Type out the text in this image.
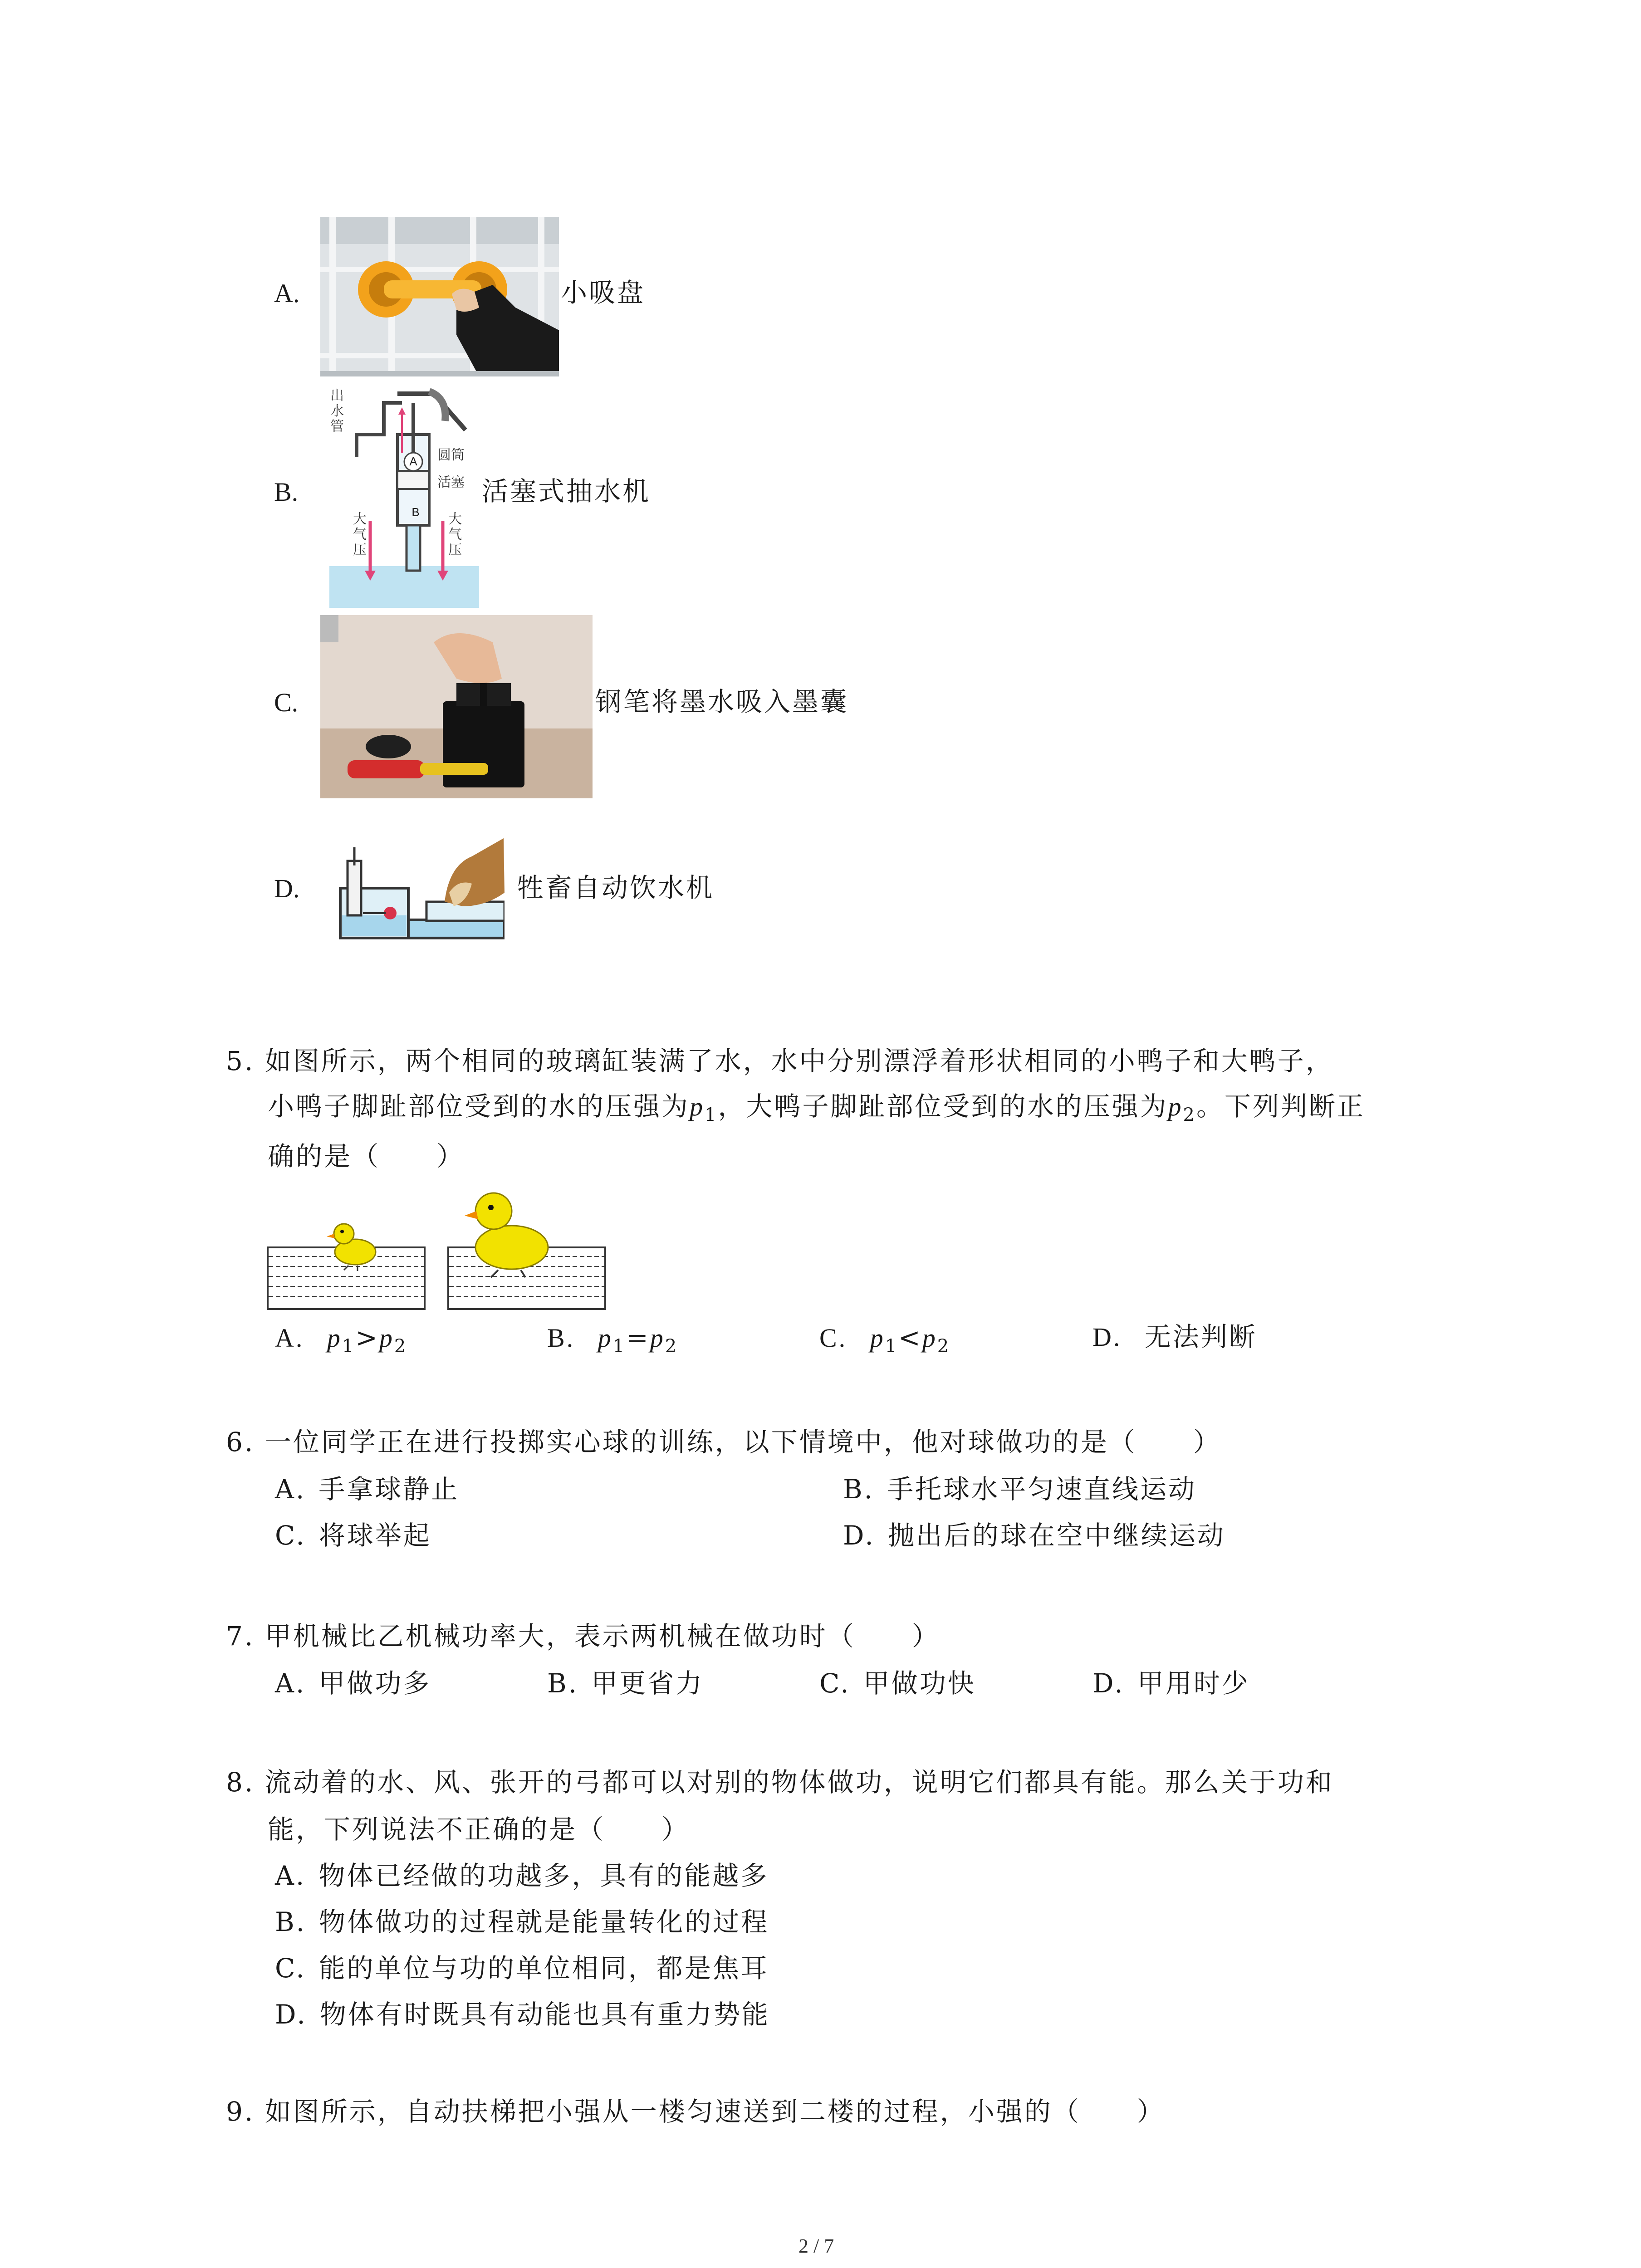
A.	小吸盘
B.
A
B
出水管
圆筒
活塞
大气压
大气压
活塞式抽水机
C.	钢笔将墨水吸入墨囊
D.	牲畜自动饮水机
5. 如图所示，两个相同的玻璃缸装满了水，水中分别漂浮着形状相同的小鸭子和大鸭子，
小鸭子脚趾部位受到的水的压强为$p_1$，大鸭子脚趾部位受到的水的压强为$p_2$。下列判断正
确的是（　　）
A. $p_1>p_2$	B. $p_1=p_2$	C. $p_1<p_2$	D. 无法判断
6. 一位同学正在进行投掷实心球的训练，以下情境中，他对球做功的是（　　）
A. 手拿球静止	B. 手托球水平匀速直线运动
C. 将球举起	D. 抛出后的球在空中继续运动
7. 甲机械比乙机械功率大，表示两机械在做功时（　　）
A. 甲做功多	B. 甲更省力	C. 甲做功快	D. 甲用时少
8. 流动着的水、风、张开的弓都可以对别的物体做功，说明它们都具有能。那么关于功和
能，下列说法不正确的是（　　）
A. 物体已经做的功越多，具有的能越多
B. 物体做功的过程就是能量转化的过程
C. 能的单位与功的单位相同，都是焦耳
D. 物体有时既具有动能也具有重力势能
9. 如图所示，自动扶梯把小强从一楼匀速送到二楼的过程，小强的（　　）
2 / 7
